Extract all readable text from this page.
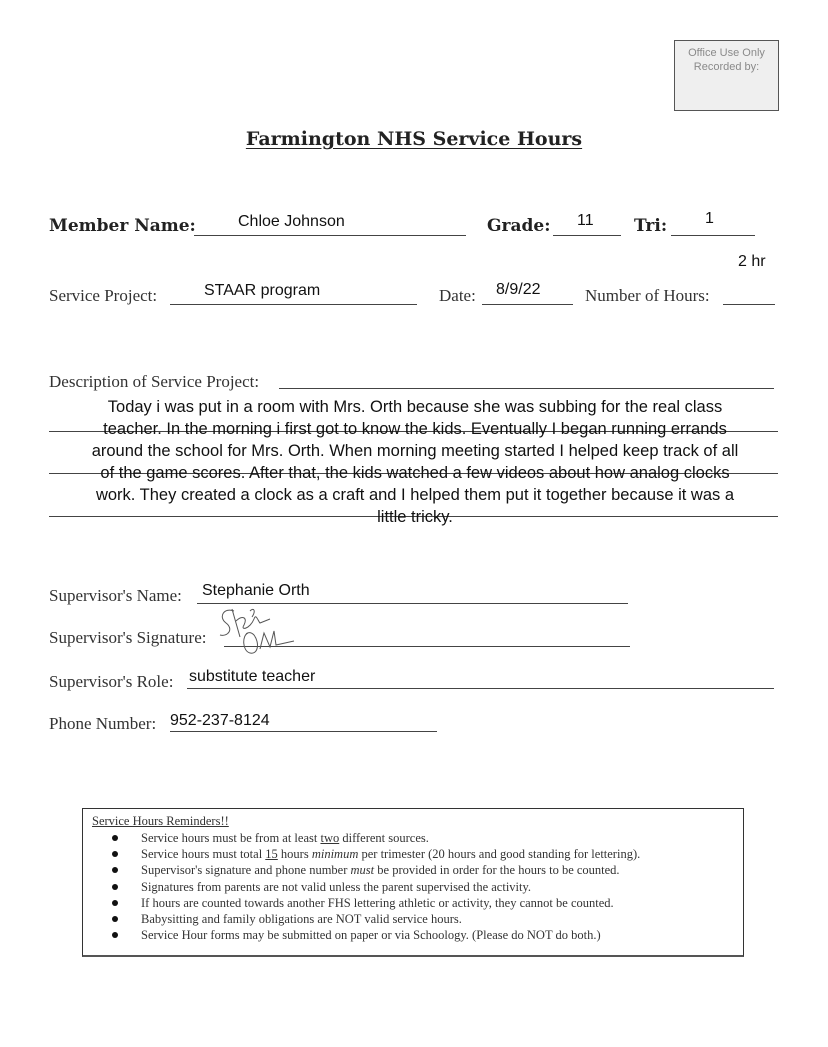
Office Use Only
Recorded by:
Farmington NHS Service Hours
Member Name:	Chloe Johnson	Grade: 11 Tri: 1
Service Project:	STAAR program	Date: 8/9/22	Number of Hours:
2 hr
Description of Service Project:
Today i was put in a room with Mrs. Orth because she was subbing for the real class
teacher. In the morning i first got to know the kids. Eventually I began running errands
around the school for Mrs. Orth. When morning meeting started I helped keep track of all
of the game scores. After that, the kids watched a few videos about how analog clocks
work. They created a clock as a craft and I helped them put it together because it was a
little tricky.
Supervisor's Name: Stephanie Orth
Supervisor's Signature:
Supervisor's Role: substitute teacher
Phone Number: 952-237-8124
Service Hours Reminders!!
Service hours must be from at least two different sources.
Service hours must total 15 hours minimum per trimester (20 hours and good standing for lettering).
Supervisor's signature and phone number must be provided in order for the hours to be counted.
Signatures from parents are not valid unless the parent supervised the activity.
If hours are counted towards another FHS lettering athletic or activity, they cannot be counted.
Babysitting and family obligations are NOT valid service hours.
Service Hour forms may be submitted on paper or via Schoology. (Please do NOT do both.)
